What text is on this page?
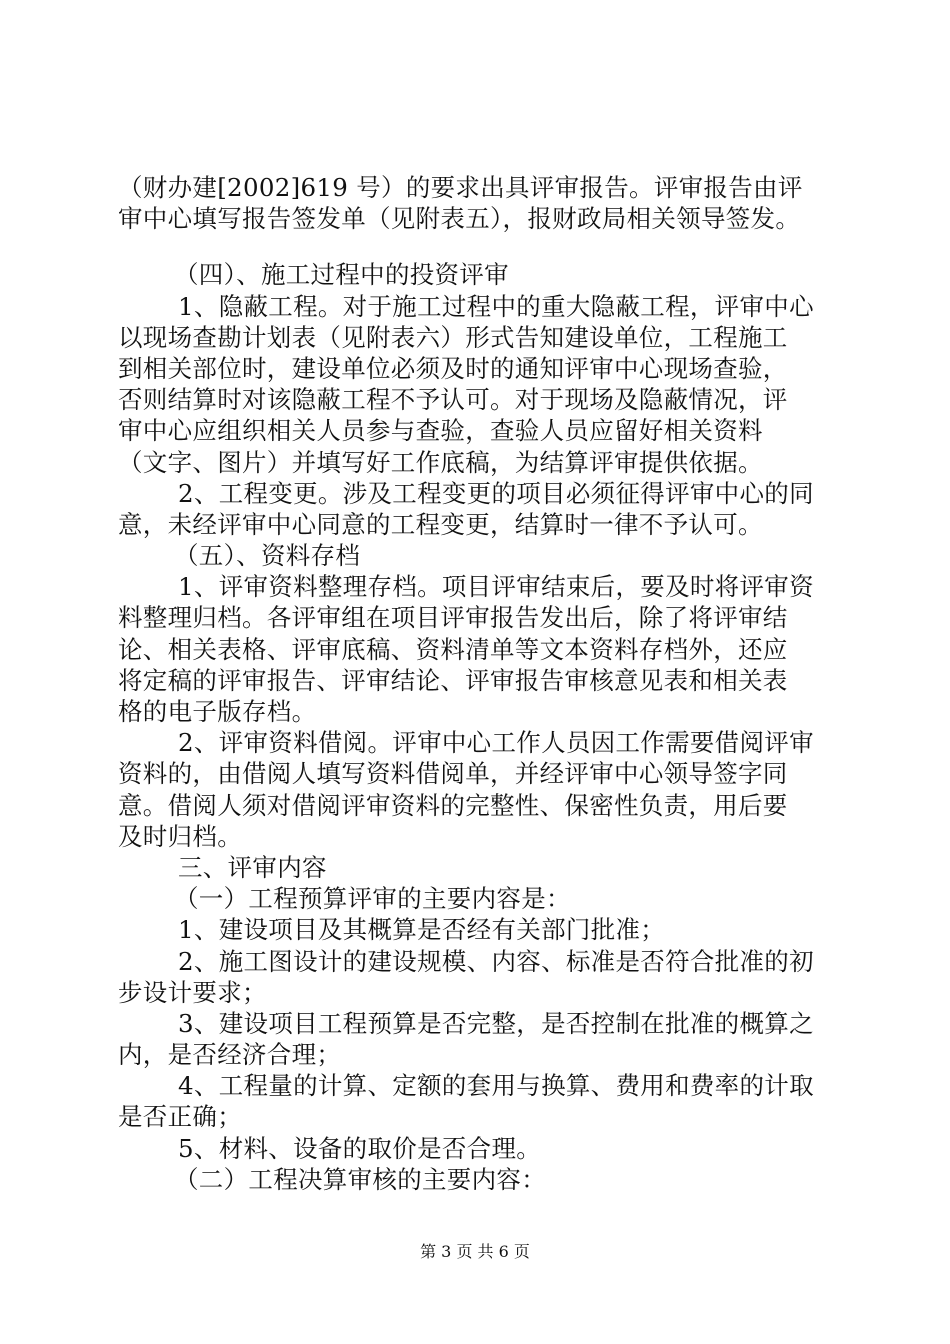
（财办建[2002]619 号）的要求出具评审报告。评审报告由评
审中心填写报告签发单（见附表五），报财政局相关领导签发。
（四）、施工过程中的投资评审
1、隐蔽工程。对于施工过程中的重大隐蔽工程，评审中心
以现场查勘计划表（见附表六）形式告知建设单位，工程施工
到相关部位时，建设单位必须及时的通知评审中心现场查验，
否则结算时对该隐蔽工程不予认可。对于现场及隐蔽情况，评
审中心应组织相关人员参与查验，查验人员应留好相关资料
（文字、图片）并填写好工作底稿，为结算评审提供依据。
2、工程变更。涉及工程变更的项目必须征得评审中心的同
意，未经评审中心同意的工程变更，结算时一律不予认可。
（五）、资料存档
1、评审资料整理存档。项目评审结束后，要及时将评审资
料整理归档。各评审组在项目评审报告发出后，除了将评审结
论、相关表格、评审底稿、资料清单等文本资料存档外，还应
将定稿的评审报告、评审结论、评审报告审核意见表和相关表
格的电子版存档。
2、评审资料借阅。评审中心工作人员因工作需要借阅评审
资料的，由借阅人填写资料借阅单，并经评审中心领导签字同
意。借阅人须对借阅评审资料的完整性、保密性负责，用后要
及时归档。
三、评审内容
（一）工程预算评审的主要内容是：
1、建设项目及其概算是否经有关部门批准；
2、施工图设计的建设规模、内容、标准是否符合批准的初
步设计要求；
3、建设项目工程预算是否完整，是否控制在批准的概算之
内，是否经济合理；
4、工程量的计算、定额的套用与换算、费用和费率的计取
是否正确；
5、材料、设备的取价是否合理。
（二）工程决算审核的主要内容：
第 3 页 共 6 页
